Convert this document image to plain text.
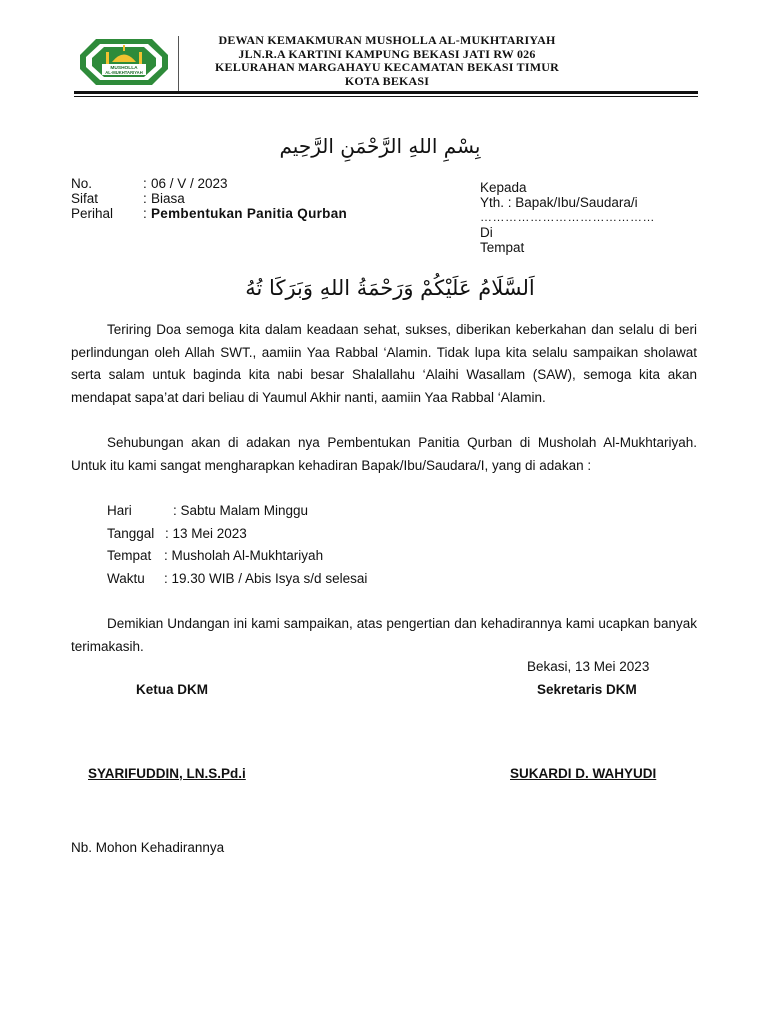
MUSHOLLA
AL-MUKHTARIYAH
DEWAN KEMAKMURAN MUSHOLLA AL-MUKHTARIYAH
JLN.R.A KARTINI KAMPUNG BEKASI JATI RW 026
KELURAHAN MARGAHAYU KECAMATAN BEKASI TIMUR
KOTA BEKASI
بِسْمِ اللهِ الرَّحْمَنِ الرَّحِيم
No.	: 06 / V / 2023
Sifat	: Biasa
Perihal	: Pembentukan Panitia Qurban
Kepada
Yth. : Bapak/Ibu/Saudara/i
……………………………………
Di
Tempat
اَلسَّلَامُ عَلَيْكُمْ وَرَحْمَةُ اللهِ وَبَرَكَا تُهُ
Teriring Doa semoga kita dalam keadaan sehat, sukses, diberikan keberkahan dan selalu di beri perlindungan oleh Allah SWT., aamiin Yaa Rabbal ‘Alamin. Tidak lupa kita selalu sampaikan sholawat serta salam untuk baginda kita nabi besar Shalallahu ‘Alaihi Wasallam (SAW), semoga kita akan mendapat sapa’at dari beliau di Yaumul Akhir nanti, aamiin Yaa Rabbal ‘Alamin.
Sehubungan akan di adakan nya Pembentukan Panitia Qurban di Musholah Al-Mukhtariyah. Untuk itu kami sangat mengharapkan kehadiran Bapak/Ibu/Saudara/I, yang di adakan :
Hari	: Sabtu Malam Minggu
Tanggal : 13 Mei 2023
Tempat : Musholah Al-Mukhtariyah
Waktu	: 19.30 WIB / Abis Isya s/d selesai
Demikian Undangan ini kami sampaikan, atas pengertian dan kehadirannya kami ucapkan banyak terimakasih.
Bekasi, 13 Mei 2023
Ketua DKM	Sekretaris DKM
SYARIFUDDIN, LN.S.Pd.i	SUKARDI D. WAHYUDI
Nb. Mohon Kehadirannya
